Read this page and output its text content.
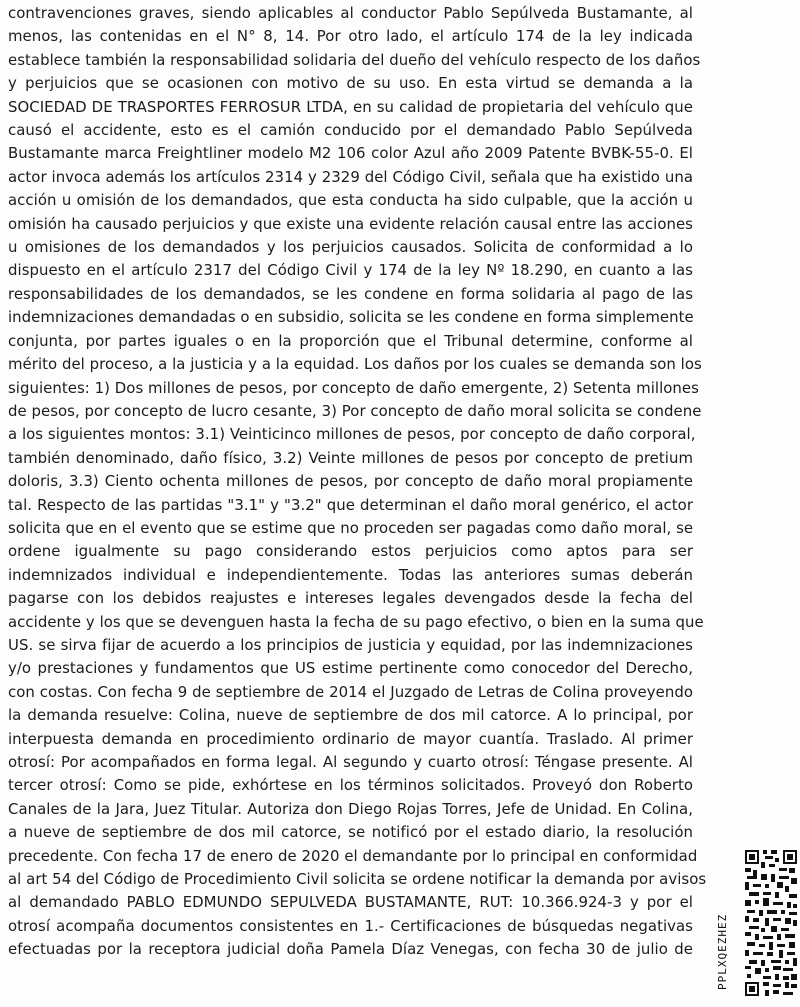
contravenciones graves, siendo aplicables al conductor Pablo Sepúlveda Bustamante, al
menos, las contenidas en el N° 8, 14. Por otro lado, el artículo 174 de la ley indicada
establece también la responsabilidad solidaria del dueño del vehículo respecto de los daños
y perjuicios que se ocasionen con motivo de su uso. En esta virtud se demanda a la
SOCIEDAD DE TRASPORTES FERROSUR LTDA, en su calidad de propietaria del vehículo que
causó el accidente, esto es el camión conducido por el demandado Pablo Sepúlveda
Bustamante marca Freightliner modelo M2 106 color Azul año 2009 Patente BVBK-55-0. El
actor invoca además los artículos 2314 y 2329 del Código Civil, señala que ha existido una
acción u omisión de los demandados, que esta conducta ha sido culpable, que la acción u
omisión ha causado perjuicios y que existe una evidente relación causal entre las acciones
u omisiones de los demandados y los perjuicios causados. Solicita de conformidad a lo
dispuesto en el artículo 2317 del Código Civil y 174 de la ley Nº 18.290, en cuanto a las
responsabilidades de los demandados, se les condene en forma solidaria al pago de las
indemnizaciones demandadas o en subsidio, solicita se les condene en forma simplemente
conjunta, por partes iguales o en la proporción que el Tribunal determine, conforme al
mérito del proceso, a la justicia y a la equidad. Los daños por los cuales se demanda son los
siguientes: 1) Dos millones de pesos, por concepto de daño emergente, 2) Setenta millones
de pesos, por concepto de lucro cesante, 3) Por concepto de daño moral solicita se condene
a los siguientes montos: 3.1) Veinticinco millones de pesos, por concepto de daño corporal,
también denominado, daño físico, 3.2) Veinte millones de pesos por concepto de pretium
doloris, 3.3) Ciento ochenta millones de pesos, por concepto de daño moral propiamente
tal. Respecto de las partidas "3.1" y "3.2" que determinan el daño moral genérico, el actor
solicita que en el evento que se estime que no proceden ser pagadas como daño moral, se
ordene igualmente su pago considerando estos perjuicios como aptos para ser
indemnizados individual e independientemente. Todas las anteriores sumas deberán
pagarse con los debidos reajustes e intereses legales devengados desde la fecha del
accidente y los que se devenguen hasta la fecha de su pago efectivo, o bien en la suma que
US. se sirva fijar de acuerdo a los principios de justicia y equidad, por las indemnizaciones
y/o prestaciones y fundamentos que US estime pertinente como conocedor del Derecho,
con costas. Con fecha 9 de septiembre de 2014 el Juzgado de Letras de Colina proveyendo
la demanda resuelve: Colina, nueve de septiembre de dos mil catorce. A lo principal, por
interpuesta demanda en procedimiento ordinario de mayor cuantía. Traslado. Al primer
otrosí: Por acompañados en forma legal. Al segundo y cuarto otrosí: Téngase presente. Al
tercer otrosí: Como se pide, exhórtese en los términos solicitados. Proveyó don Roberto
Canales de la Jara, Juez Titular. Autoriza don Diego Rojas Torres, Jefe de Unidad. En Colina,
a nueve de septiembre de dos mil catorce, se notificó por el estado diario, la resolución
precedente. Con fecha 17 de enero de 2020 el demandante por lo principal en conformidad
al art 54 del Código de Procedimiento Civil solicita se ordene notificar la demanda por avisos
al demandado PABLO EDMUNDO SEPULVEDA BUSTAMANTE, RUT: 10.366.924-3 y por el
otrosí acompaña documentos consistentes en 1.- Certificaciones de búsquedas negativas
efectuadas por la receptora judicial doña Pamela Díaz Venegas, con fecha 30 de julio de PPLXQEZHEZ
